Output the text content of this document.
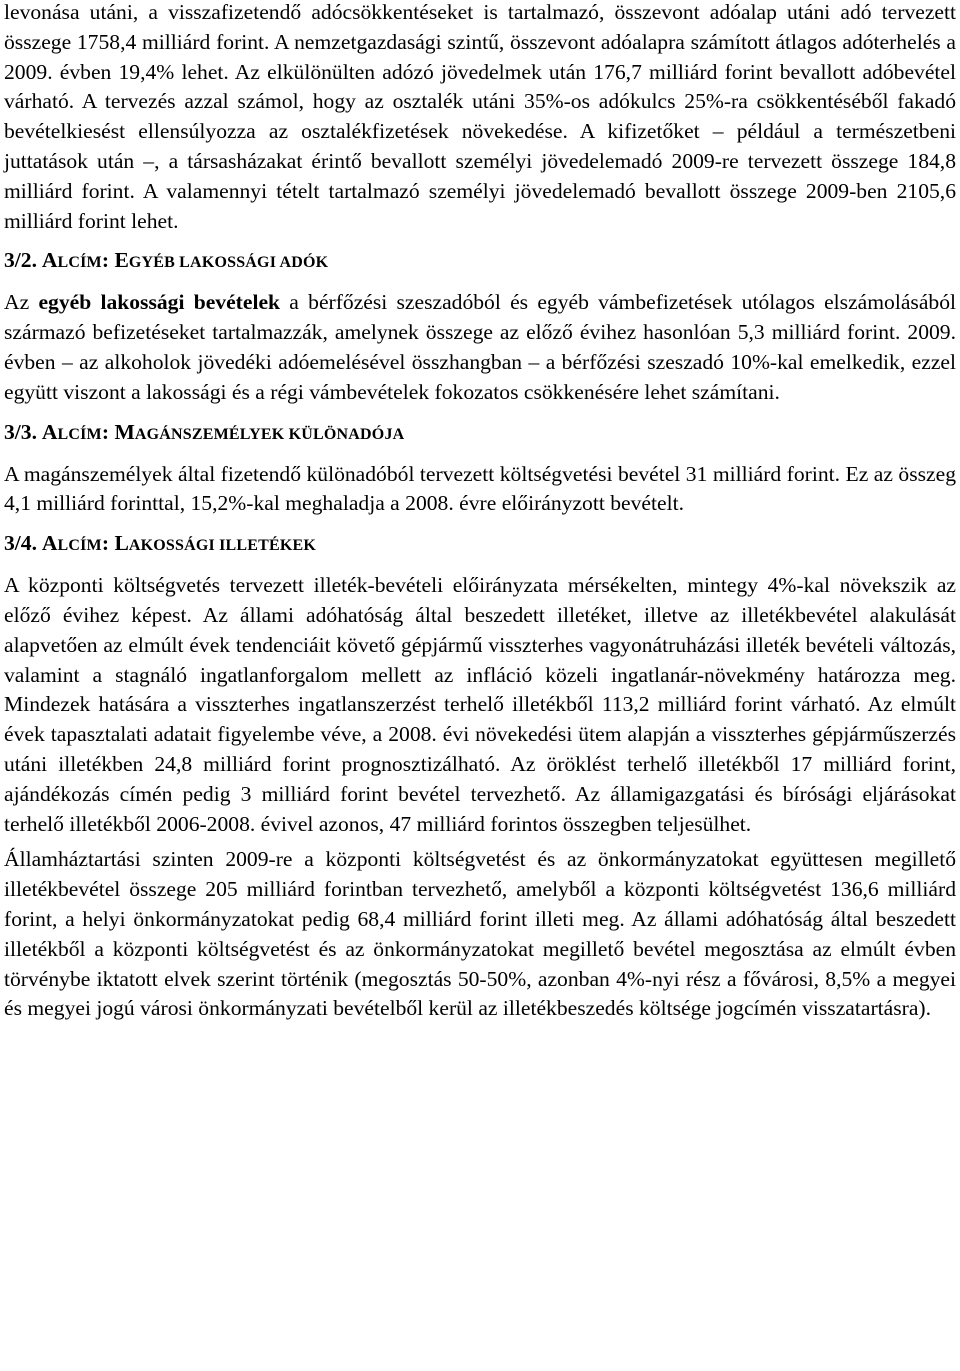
levonása utáni, a visszafizetendő adócsökkentéseket is tartalmazó, összevont adóalap utáni adó tervezett összege 1758,4 milliárd forint. A nemzetgazdasági szintű, összevont adóalapra számított átlagos adóterhelés a 2009. évben 19,4% lehet. Az elkülönülten adózó jövedelmek után 176,7 milliárd forint bevallott adóbevétel várható. A tervezés azzal számol, hogy az osztalék utáni 35%-os adókulcs 25%-ra csökkentéséből fakadó bevételkiesést ellensúlyozza az osztalékfizetések növekedése. A kifizetőket – például a természetbeni juttatások után –, a társasházakat érintő bevallott személyi jövedelemadó 2009-re tervezett összege 184,8 milliárd forint. A valamennyi tételt tartalmazó személyi jövedelemadó bevallott összege 2009-ben 2105,6 milliárd forint lehet.

3/2. ALCÍM: EGYÉB LAKOSSÁGI ADÓK

Az egyéb lakossági bevételek a bérfőzési szeszadóból és egyéb vámbefizetések utólagos elszámolásából származó befizetéseket tartalmazzák, amelynek összege az előző évihez hasonlóan 5,3 milliárd forint. 2009. évben – az alkoholok jövedéki adóemelésével összhangban – a bérfőzési szeszadó 10%-kal emelkedik, ezzel együtt viszont a lakossági és a régi vámbevételek fokozatos csökkenésére lehet számítani.

3/3. ALCÍM: MAGÁNSZEMÉLYEK KÜLÖNADÓJA

A magánszemélyek által fizetendő különadóból tervezett költségvetési bevétel 31 milliárd forint. Ez az összeg 4,1 milliárd forinttal, 15,2%-kal meghaladja a 2008. évre előirányzott bevételt.

3/4. ALCÍM: LAKOSSÁGI ILLETÉKEK

A központi költségvetés tervezett illeték-bevételi előirányzata mérsékelten, mintegy 4%-kal növekszik az előző évihez képest. Az állami adóhatóság által beszedett illetéket, illetve az illetékbevétel alakulását alapvetően az elmúlt évek tendenciáit követő gépjármű visszterhes vagyonátruházási illeték bevételi változás, valamint a stagnáló ingatlanforgalom mellett az infláció közeli ingatlanár-növekmény határozza meg. Mindezek hatására a visszterhes ingatlanszerzést terhelő illetékből 113,2 milliárd forint várható. Az elmúlt évek tapasztalati adatait figyelembe véve, a 2008. évi növekedési ütem alapján a visszterhes gépjárműszerzés utáni illetékben 24,8 milliárd forint prognosztizálható. Az öröklést terhelő illetékből 17 milliárd forint, ajándékozás címén pedig 3 milliárd forint bevétel tervezhető. Az államigazgatási és bírósági eljárásokat terhelő illetékből 2006-2008. évivel azonos, 47 milliárd forintos összegben teljesülhet.

Államháztartási szinten 2009-re a központi költségvetést és az önkormányzatokat együttesen megillető illetékbevétel összege 205 milliárd forintban tervezhető, amelyből a központi költségvetést 136,6 milliárd forint, a helyi önkormányzatokat pedig 68,4 milliárd forint illeti meg. Az állami adóhatóság által beszedett illetékből a központi költségvetést és az önkormányzatokat megillető bevétel megosztása az elmúlt évben törvénybe iktatott elvek szerint történik (megosztás 50-50%, azonban 4%-nyi rész a fővárosi, 8,5% a megyei és megyei jogú városi önkormányzati bevételből kerül az illetékbeszedés költsége jogcímén visszatartásra).
